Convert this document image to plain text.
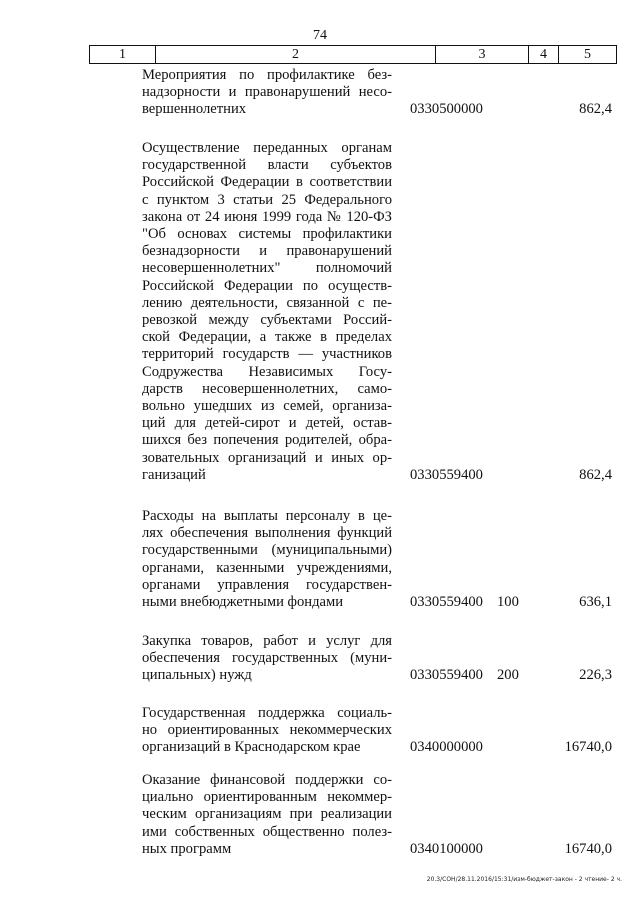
74
1	2	3	4	5
Мероприятия по профилактике без-
надзорности и правонарушений несо-
вершеннолетних	0330500000	862,4
Осуществление переданных органам
государственной власти субъектов
Российской Федерации в соответствии
с пунктом 3 статьи 25 Федерального
закона от 24 июня 1999 года № 120-ФЗ
"Об основах системы профилактики
безнадзорности и правонарушений
несовершеннолетних" полномочий
Российской Федерации по осуществ-
лению деятельности, связанной с пе-
ревозкой между субъектами Россий-
ской Федерации, а также в пределах
территорий государств — участников
Содружества Независимых Госу-
дарств несовершеннолетних, само-
вольно ушедших из семей, организа-
ций для детей-сирот и детей, остав-
шихся без попечения родителей, обра-
зовательных организаций и иных ор-
ганизаций	0330559400	862,4
Расходы на выплаты персоналу в це-
лях обеспечения выполнения функций
государственными (муниципальными)
органами, казенными учреждениями,
органами управления государствен-
ными внебюджетными фондами	0330559400 100	636,1
Закупка товаров, работ и услуг для
обеспечения государственных (муни-
ципальных) нужд	0330559400 200	226,3
Государственная поддержка социаль-
но ориентированных некоммерческих
организаций в Краснодарском крае	0340000000	16740,0
Оказание финансовой поддержки со-
циально ориентированным некоммер-
ческим организациям при реализации
ими собственных общественно полез-
ных программ	0340100000	16740,0
20.3/СОН/28.11.2016/15:31/изм-бюджет-закон - 2 чтение- 2 ч.
